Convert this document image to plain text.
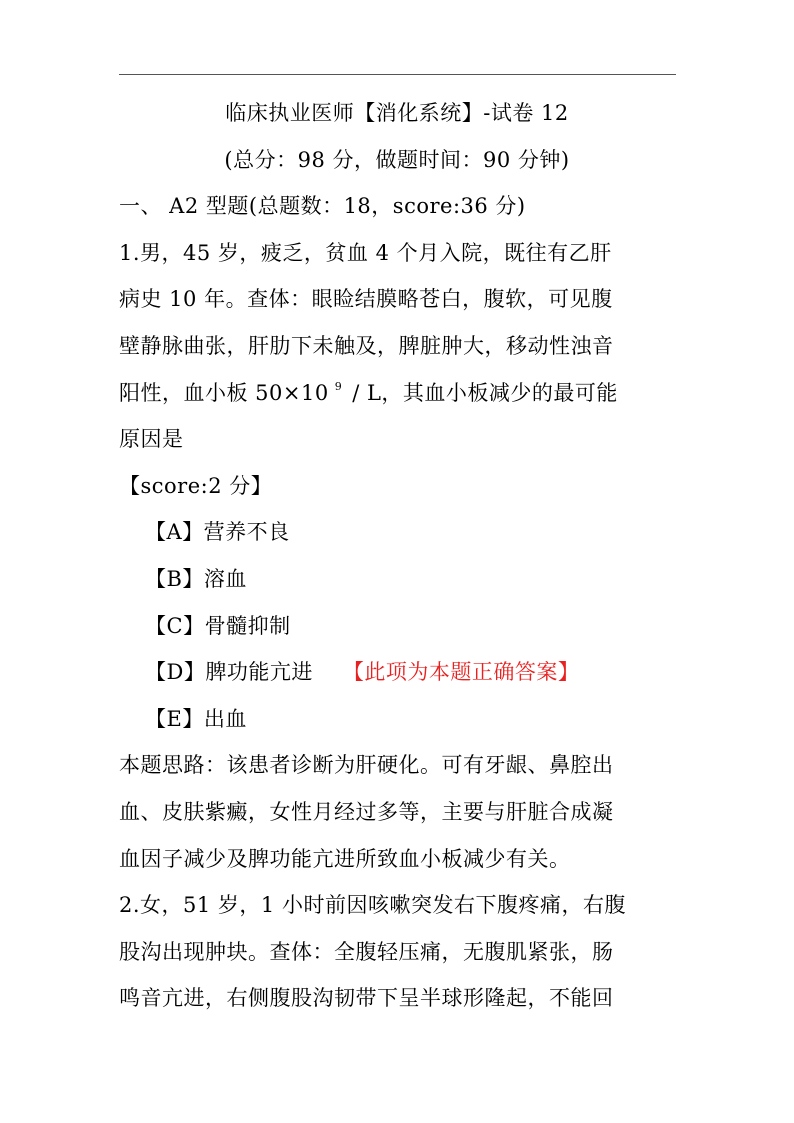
临床执业医师【消化系统】-试卷 12
(总分：98 分，做题时间：90 分钟)
一、 A2 型题(总题数：18，score:36 分)
1.男，45 岁，疲乏，贫血 4 个月入院，既往有乙肝
病史 10 年。查体：眼睑结膜略苍白，腹软，可见腹
壁静脉曲张，肝肋下未触及，脾脏肿大，移动性浊音
阳性，血小板 50×10 $^9$ / L，其血小板减少的最可能
原因是
【score:2 分】
【A】营养不良
【B】溶血
【C】骨髓抑制
【D】脾功能亢进 【此项为本题正确答案】
【E】出血
本题思路：该患者诊断为肝硬化。可有牙龈、鼻腔出
血、皮肤紫癜，女性月经过多等，主要与肝脏合成凝
血因子减少及脾功能亢进所致血小板减少有关。
2.女，51 岁，1 小时前因咳嗽突发右下腹疼痛，右腹
股沟出现肿块。查体：全腹轻压痛，无腹肌紧张，肠
鸣音亢进，右侧腹股沟韧带下呈半球形隆起，不能回
